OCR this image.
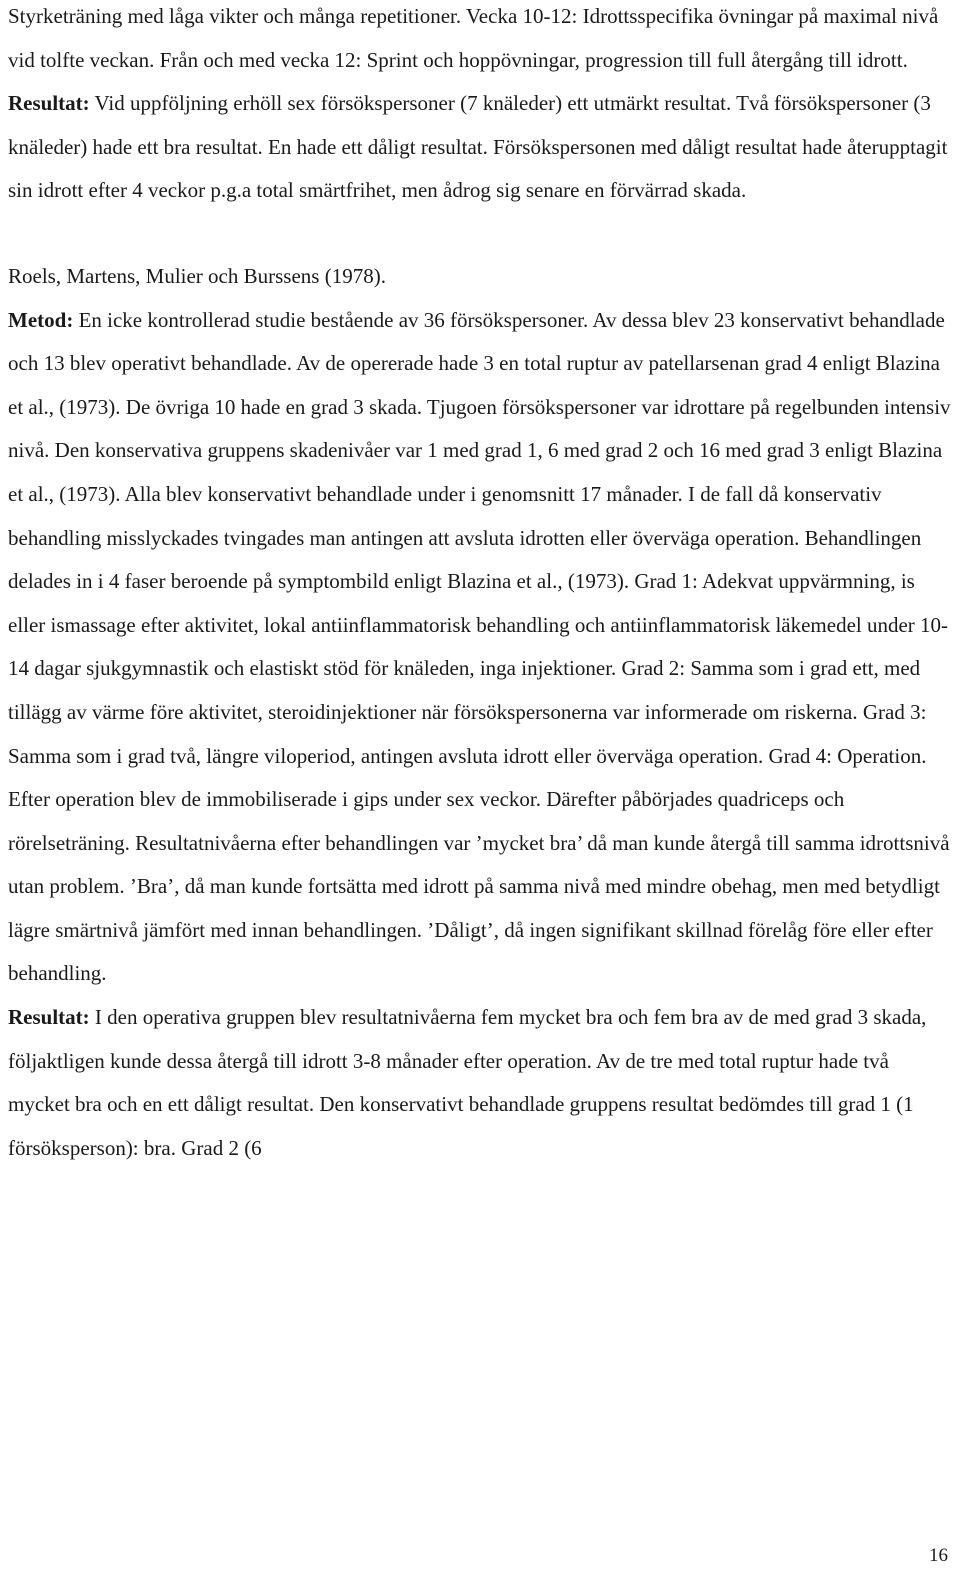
Styrketräning med låga vikter och många repetitioner. Vecka 10-12: Idrottsspecifika övningar på maximal nivå vid tolfte veckan. Från och med vecka 12: Sprint och hoppövningar, progression till full återgång till idrott. Resultat: Vid uppföljning erhöll sex försökspersoner (7 knäleder) ett utmärkt resultat. Två försökspersoner (3 knäleder) hade ett bra resultat. En hade ett dåligt resultat. Försökspersonen med dåligt resultat hade återupptagit sin idrott efter 4 veckor p.g.a total smärtfrihet, men ådrog sig senare en förvärrad skada.

Roels, Martens, Mulier och Burssens (1978).

Metod: En icke kontrollerad studie bestående av 36 försökspersoner. Av dessa blev 23 konservativt behandlade och 13 blev operativt behandlade. Av de opererade hade 3 en total ruptur av patellarsenan grad 4 enligt Blazina et al., (1973). De övriga 10 hade en grad 3 skada. Tjugoen försökspersoner var idrottare på regelbunden intensiv nivå. Den konservativa gruppens skadenivåer var 1 med grad 1, 6 med grad 2 och 16 med grad 3 enligt Blazina et al., (1973). Alla blev konservativt behandlade under i genomsnitt 17 månader. I de fall då konservativ behandling misslyckades tvingades man antingen att avsluta idrotten eller överväga operation. Behandlingen delades in i 4 faser beroende på symptombild enligt Blazina et al., (1973). Grad 1: Adekvat uppvärmning, is eller ismassage efter aktivitet, lokal antiinflammatorisk behandling och antiinflammatorisk läkemedel under 10-14 dagar sjukgymnastik och elastiskt stöd för knäleden, inga injektioner. Grad 2: Samma som i grad ett, med tillägg av värme före aktivitet, steroidinjektioner när försökspersonerna var informerade om riskerna. Grad 3: Samma som i grad två, längre viloperiod, antingen avsluta idrott eller överväga operation. Grad 4: Operation. Efter operation blev de immobiliserade i gips under sex veckor. Därefter påbörjades quadriceps och rörelseträning. Resultatnivåerna efter behandlingen var ’mycket bra’ då man kunde återgå till samma idrottsnivå utan problem. ’Bra’, då man kunde fortsätta med idrott på samma nivå med mindre obehag, men med betydligt lägre smärtnivå jämfört med innan behandlingen. ’Dåligt’, då ingen signifikant skillnad förelåg före eller efter behandling.

Resultat: I den operativa gruppen blev resultatnivåerna fem mycket bra och fem bra av de med grad 3 skada, följaktligen kunde dessa återgå till idrott 3-8 månader efter operation. Av de tre med total ruptur hade två mycket bra och en ett dåligt resultat. Den konservativt behandlade gruppens resultat bedömdes till grad 1 (1 försöksperson): bra. Grad 2 (6

16
